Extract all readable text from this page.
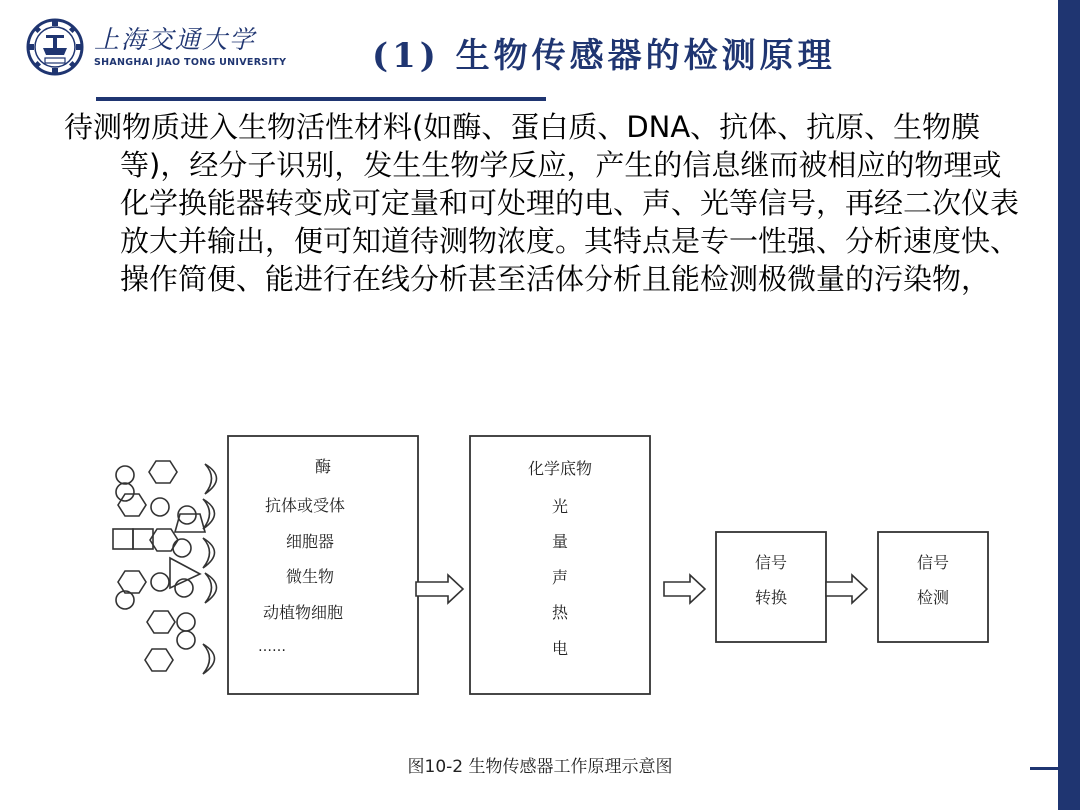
上海交通大学
SHANGHAI JIAO TONG UNIVERSITY	(1) 生物传感器的检测原理

待测物质进入生物活性材料(如酶、蛋白质、DNA、抗体、抗原、生物膜等)，经分子识别，发生生物学反应，产生的信息继而被相应的物理或化学换能器转变成可定量和可处理的电、声、光等信号，再经二次仪表放大并输出，便可知道待测物浓度。其特点是专一性强、分析速度快、操作简便、能进行在线分析甚至活体分析且能检测极微量的污染物，

酶
抗体或受体
细胞器
微生物
动植物细胞
……
化学底物
光
量
声
热
电
信号
转换
信号
检测
图10-2 生物传感器工作原理示意图
